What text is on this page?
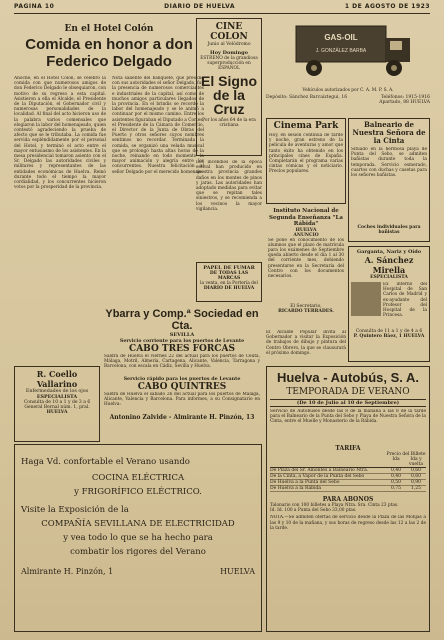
PAGINA 10	DIARIO DE HUELVA	1 DE AGOSTO DE 1923
En el Hotel Colón
Comida en honor a don Federico Delgado
Anoche, en el Hotel Colón, se celebró la comida con que numerosos amigos de don Federico Delgado le obsequiaron, con motivo de su regreso a esta capital. Asistieron a ella el Alcalde, el Presidente de la Diputación, el Gobernador civil y numerosas personalidades de la localidad. Al final del acto hicieron uso de la palabra varios comensales que elogiaron la labor del homenajeado, quien contestó agradeciendo la prueba de afecto que se le tributaba. La comida fue servida espléndidamente por el personal del Hotel, y terminó el acto entre el mayor entusiasmo de los asistentes. En la mesa presidencial tomaron asiento con el Sr. Delgado las autoridades civiles y militares y representantes de las entidades económicas de Huelva. Reinó durante todo el tiempo la mayor cordialidad, y los concurrentes hicieron votos por la prosperidad de la provincia.
Nota saliente del banquete, que presidió con sus autoridades el señor Delgado, fue la presencia de numerosos comerciantes e industriales de la capital, así como de muchos amigos particulares llegados de la provincia. En el brindis se recordó la labor del homenajeado y se le animó a continuar por el mismo camino. Entre los asistentes figuraban el Diputado a Cortes, el Presidente de la Cámara de Comercio, el Director de la Junta de Obras del Puerto y otros señores cuyos nombres sentimos no recordar. Terminada la comida, se organizó una velada musical que se prolongó hasta altas horas de la noche, reinando en todo momento la mayor animación y alegría entre los concurrentes. Nuestra felicitación al señor Delgado por el merecido homenaje.
CINE COLON
Junio al Velódromo
Hoy Domingo
ESTRENO de la grandiosa superproducción en ESPAÑOL
El Signo de la Cruz
Por los años 64 de la era cristiana
Los incendios de la época estival han producido en nuestra provincia grandes daños en los montes de pinos y jaras. Las autoridades han adoptado medidas para evitar que se repitan tales siniestros, y se recomienda a los vecinos la mayor vigilancia.
PAPEL DE FUMAR
DE TODAS LAS MARCAS
la venta, en la Portería del
DIARIO DE HUELVA
GAS-OIL
J. GONZÁLEZ BARBA
Vehículos autorizados por C. A. M. P. S. A.
Depósito: Sánchez Barcaiztegui, 16	Teléfonos: 1915-1916
Apartado, 88 HUELVA
Cinema Park
Hoy, en sesión continua de tarde y noche, gran estreno de la película de aventuras y amor que tanto éxito ha obtenido en los principales cines de España. Completarán el programa varias cintas cómicas y el noticiario. Precios populares.
Balneario de Nuestra Señora de la Cinta
Situado en la hermosa playa de Punta del Sebo, se admiten bañistas durante toda la temporada. Servicio esmerado, cuartos con duchas y casetas para los señores bañistas.
Coches individuales para bañistas
Instituto Nacional de Segunda Enseñanza "La Rábida"
HUELVA
ANUNCIO
Se pone en conocimiento de los alumnos que el plazo de matrícula para los exámenes de Septiembre queda abierto desde el día 1 al 30 del corriente mes, debiendo presentarse en la Secretaría del Centro con los documentos necesarios.
El Secretario,
RICARDO TERRADES.
El Alcalde Popular invita al Gobernador a visitar la Exposición de trabajos de dibujo y pintura del Centro Obrero, la que se clausurará el próximo domingo.
Garganta, Nariz y Oído
A. Sánchez Mirella
ESPECIALISTA
Ex interno del Hospital de San Carlos de Madrid y ex-ayudante del Profesor del Hospital de la Princesa.
Consulta de 11 a 1 y de 4 a 6
P. Quintero Báez, 1 HUELVA
Ybarra y Comp.ª Sociedad en Cta.
SEVILLA
Servicio corriente para los puertos de Levante
CABO TRES FORCAS
Saldrá de Huelva el viernes 22 del actual para los puertos de Ceuta, Málaga, Motril, Almería, Cartagena, Alicante, Valencia, Tarragona y Barcelona, con escala en Cádiz, Sevilla y Huelva.
Servicio rápido para los puertos de Levante
CABO QUINTRES
Saldrá de Huelva el sábado 26 del actual para los puertos de Málaga, Alicante, Valencia y Barcelona. Para informes, a su Consignatario en Huelva:
Antonino Zalvide - Almirante H. Pinzón, 13
R. Coello Vallarino
Enfermedades de los ojos
ESPECIALISTA
Consulta de 10 a 1 y de 3 a 6
General Bernal núm. 1, pral.
HUELVA
Haga Vd. confortable el Verano usando
COCINA ELÉCTRICA
y FRIGORÍFICO ELÉCTRICO.
Visite la Exposición de la
COMPAÑÍA SEVILLANA DE ELECTRICIDAD
y vea todo lo que se ha hecho para
combatir los rigores del Verano
Almirante H. Pinzón, 1	HUELVA
Huelva - Autobús, S. A.
TEMPORADA DE VERANO
(De 10 de Julio al 10 de Septiembre)
Servicio de Autobuses desde las 8 de la mañana a las 8 de la tarde para el Balneario de la Punta del Sebo y Playa de Nuestra Señora de la Cinta, entre el Muelle y Monasterio de la Rábida.
TARIFA
Precio del Billete
Ida	Ida y vuelta
De Plaza del Sr. Amontes a Balneario Ntra.	0,40	0,60
De la Cinta, a Vapor de la Punta del Sebo	0,40	0,60
De Huelva a la Punta del Sebo	0,50	0,90
De Huelva a la Rábida	0,75	1,25
PARA ABONOS
Talonario con 100 billetes a Playa Ntra. Sra. Cinta 23 ptas.
Id. Id. 100 a Punta del Sebo 33,00 ptas.
NOTA.—Se admiten ofertas de servicio desde la Plaza de las Monjas a las 9 y 10 de la mañana, y sus horas de regreso desde las 12 a las 2 de la tarde.
